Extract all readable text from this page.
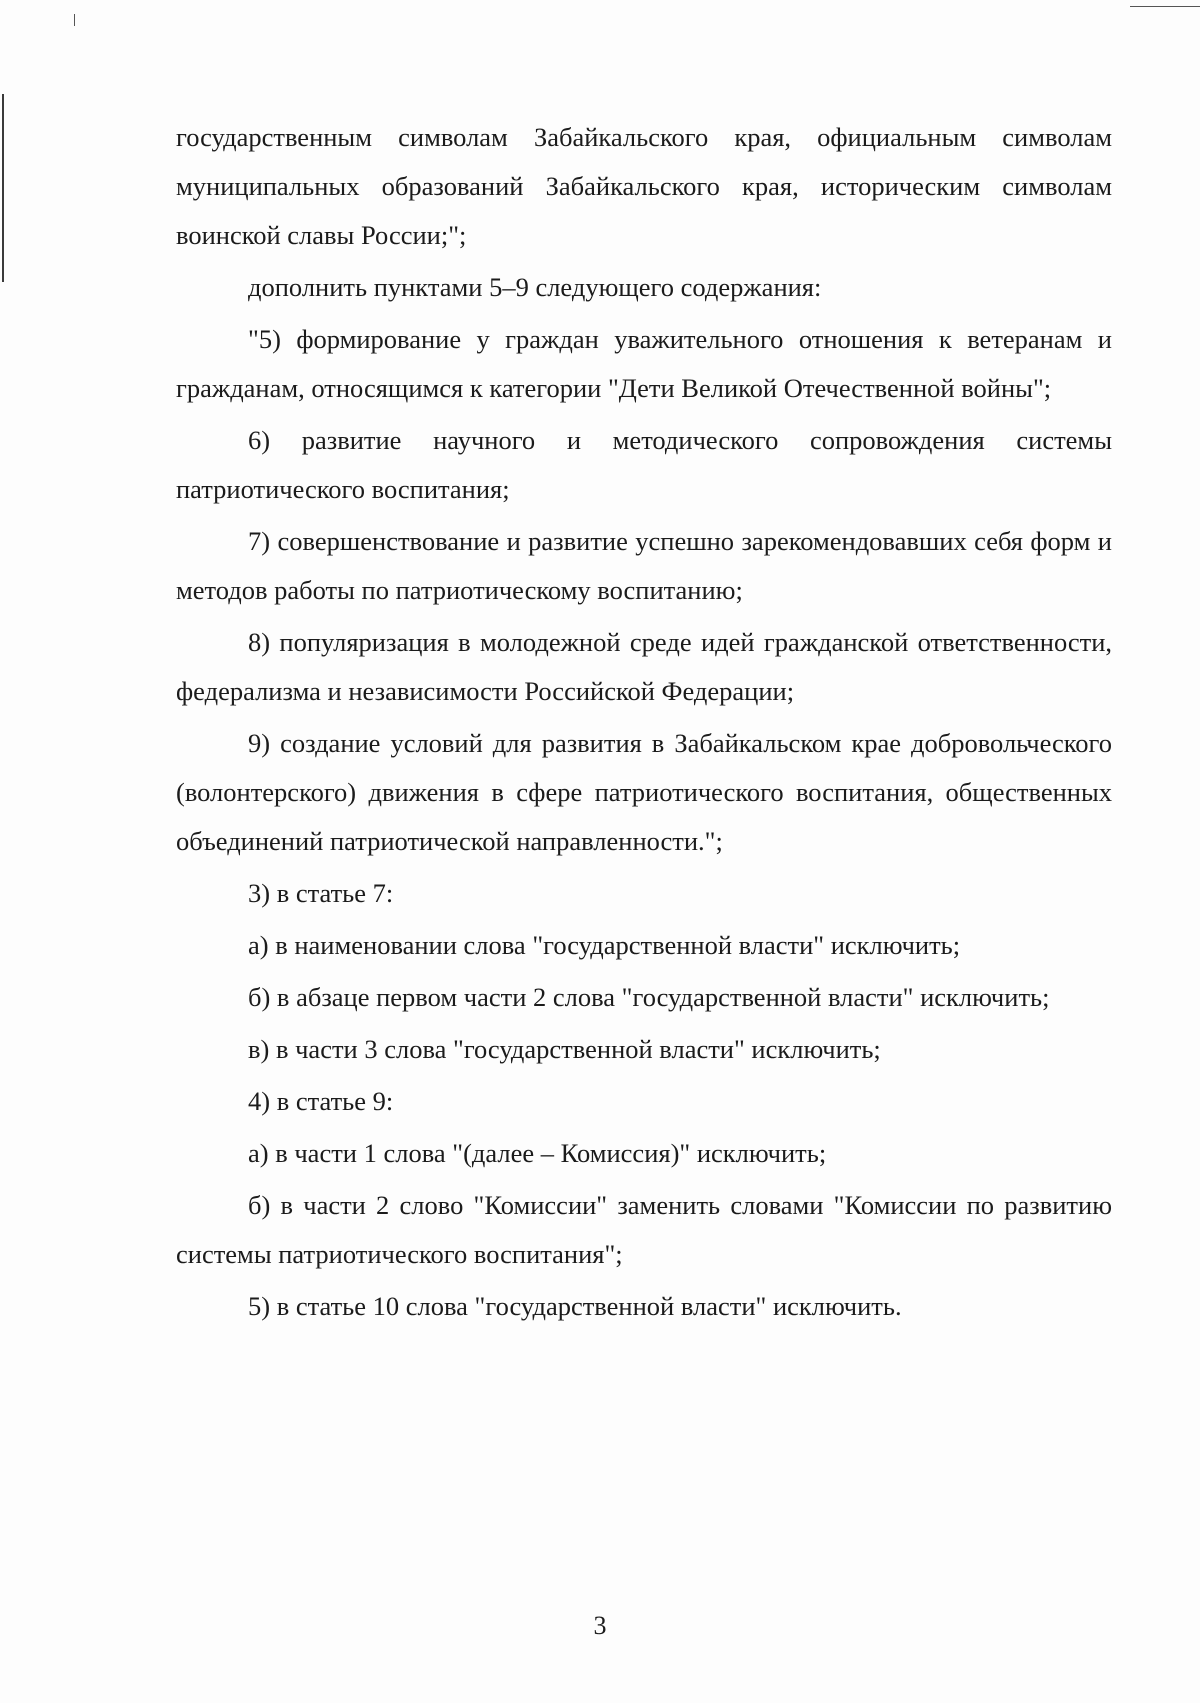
государственным символам Забайкальского края, официальным символам муниципальных образований Забайкальского края, историческим символам воинской славы России;";

дополнить пунктами 5–9 следующего содержания:

"5) формирование у граждан уважительного отношения к ветеранам и гражданам, относящимся к категории "Дети Великой Отечественной войны";

6) развитие научного и методического сопровождения системы патриотического воспитания;

7) совершенствование и развитие успешно зарекомендовавших себя форм и методов работы по патриотическому воспитанию;

8) популяризация в молодежной среде идей гражданской ответственности, федерализма и независимости Российской Федерации;

9) создание условий для развития в Забайкальском крае добровольческого (волонтерского) движения в сфере патриотического воспитания, общественных объединений патриотической направленности.";

3) в статье 7:

а) в наименовании слова "государственной власти" исключить;

б) в абзаце первом части 2 слова "государственной власти" исключить;

в) в части 3 слова "государственной власти" исключить;

4) в статье 9:

а) в части 1 слова "(далее – Комиссия)" исключить;

б) в части 2 слово "Комиссии" заменить словами "Комиссии по развитию системы патриотического воспитания";

5) в статье 10 слова "государственной власти" исключить.

3
